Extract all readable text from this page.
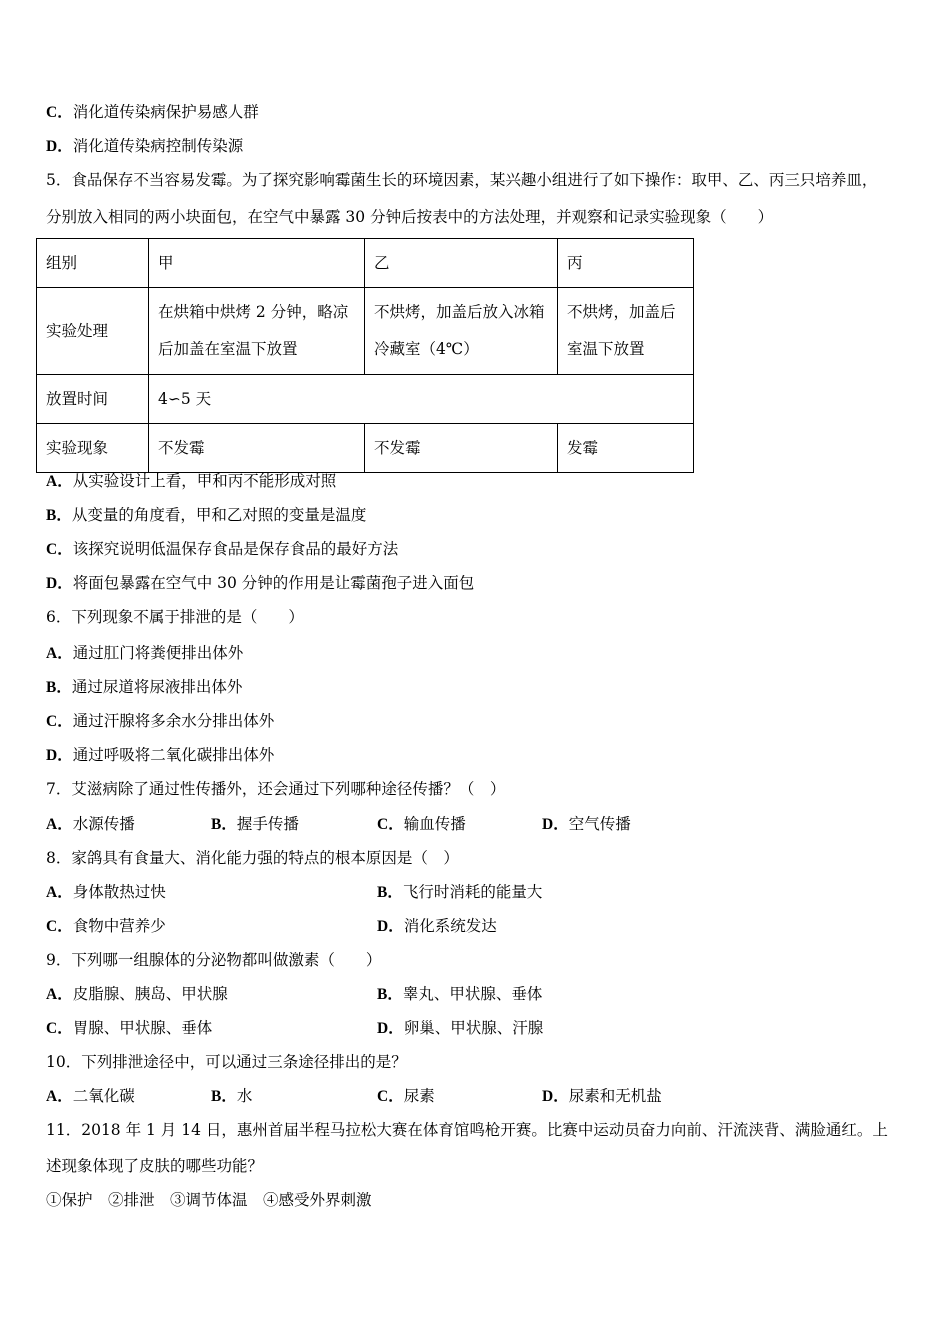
C．消化道传染病保护易感人群
D．消化道传染病控制传染源
5．食品保存不当容易发霉。为了探究影响霉菌生长的环境因素，某兴趣小组进行了如下操作：取甲、乙、丙三只培养皿，
分别放入相同的两小块面包，在空气中暴露 30 分钟后按表中的方法处理，并观察和记录实验现象（　　）
组别	甲	乙	丙
实验处理	在烘箱中烘烤 2 分钟，略凉后加盖在室温下放置	不烘烤，加盖后放入冰箱冷藏室（4℃）	不烘烤，加盖后室温下放置
放置时间	4∽5 天		
实验现象	不发霉	不发霉	发霉
A．从实验设计上看，甲和丙不能形成对照
B．从变量的角度看，甲和乙对照的变量是温度
C．该探究说明低温保存食品是保存食品的最好方法
D．将面包暴露在空气中 30 分钟的作用是让霉菌孢子进入面包
6．下列现象不属于排泄的是（　　）
A．通过肛门将粪便排出体外
B．通过尿道将尿液排出体外
C．通过汗腺将多余水分排出体外
D．通过呼吸将二氧化碳排出体外
7．艾滋病除了通过性传播外，还会通过下列哪种途径传播？（　）
A．水源传播	B．握手传播	C．输血传播	D．空气传播
8．家鸽具有食量大、消化能力强的特点的根本原因是（　）
A．身体散热过快	B．飞行时消耗的能量大
C．食物中营养少	D．消化系统发达
9．下列哪一组腺体的分泌物都叫做激素（　　）
A．皮脂腺、胰岛、甲状腺	B．睾丸、甲状腺、垂体
C．胃腺、甲状腺、垂体	D．卵巢、甲状腺、汗腺
10．下列排泄途径中，可以通过三条途径排出的是？
A．二氧化碳	B．水	C．尿素	D．尿素和无机盐
11．2018 年 1 月 14 日，惠州首届半程马拉松大赛在体育馆鸣枪开赛。比赛中运动员奋力向前、汗流浃背、满脸通红。上
述现象体现了皮肤的哪些功能？
①保护　②排泄　③调节体温　④感受外界刺激
